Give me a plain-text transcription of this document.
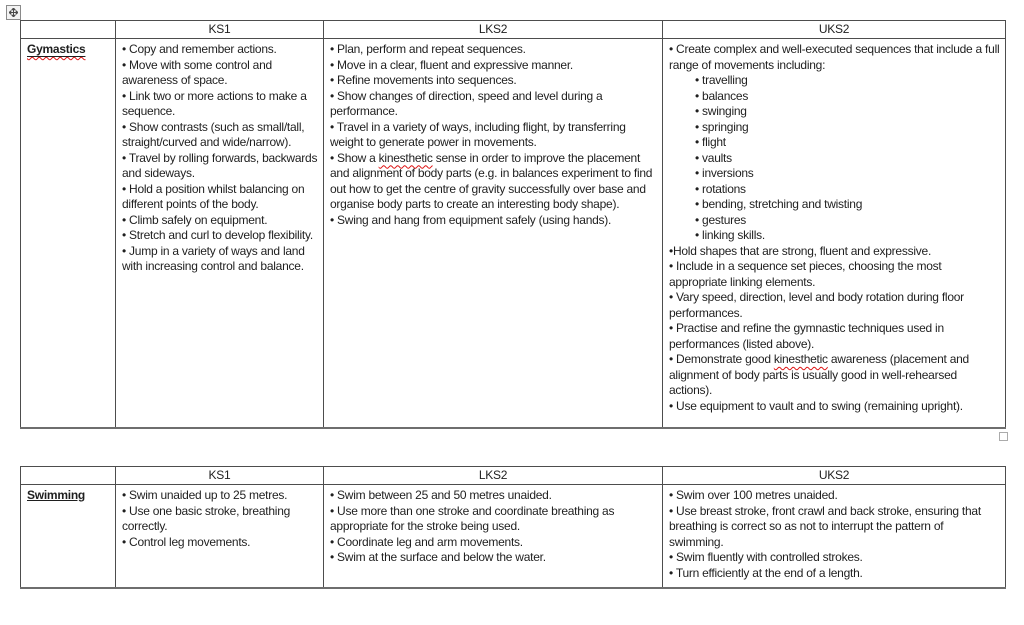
	KS1	LKS2	UKS2

Gymastics	• Copy and remember actions.
• Move with some control and awareness of space.
• Link two or more actions to make a sequence.
• Show contrasts (such as small/tall, straight/curved and wide/narrow).
• Travel by rolling forwards, backwards and sideways.
• Hold a position whilst balancing on different points of the body.
• Climb safely on equipment.
• Stretch and curl to develop flexibility.
• Jump in a variety of ways and land with increasing control and balance.

• Plan, perform and repeat sequences.
• Move in a clear, fluent and expressive manner.
• Refine movements into sequences.
• Show changes of direction, speed and level during a performance.
• Travel in a variety of ways, including flight, by transferring weight to generate power in movements.
• Show a kinesthetic sense in order to improve the placement and alignment of body parts (e.g. in balances experiment to find out how to get the centre of gravity successfully over base and organise body parts to create an interesting body shape).
• Swing and hang from equipment safely (using hands).

• Create complex and well-executed sequences that include a full range of movements including:
• travelling
• balances
• swinging
• springing
• flight
• vaults
• inversions
• rotations
• bending, stretching and twisting
• gestures
• linking skills.
•Hold shapes that are strong, fluent and expressive.
• Include in a sequence set pieces, choosing the most appropriate linking elements.
• Vary speed, direction, level and body rotation during floor performances.
• Practise and refine the gymnastic techniques used in performances (listed above).
• Demonstrate good kinesthetic awareness (placement and alignment of body parts is usually good in well-rehearsed actions).
• Use equipment to vault and to swing (remaining upright).
	KS1	LKS2	UKS2

Swimming	• Swim unaided up to 25 metres.
• Use one basic stroke, breathing correctly.
• Control leg movements.

• Swim between 25 and 50 metres unaided.
• Use more than one stroke and coordinate breathing as appropriate for the stroke being used.
• Coordinate leg and arm movements.
• Swim at the surface and below the water.

• Swim over 100 metres unaided.
• Use breast stroke, front crawl and back stroke, ensuring that breathing is correct so as not to interrupt the pattern of swimming.
• Swim fluently with controlled strokes.
• Turn efficiently at the end of a length.
